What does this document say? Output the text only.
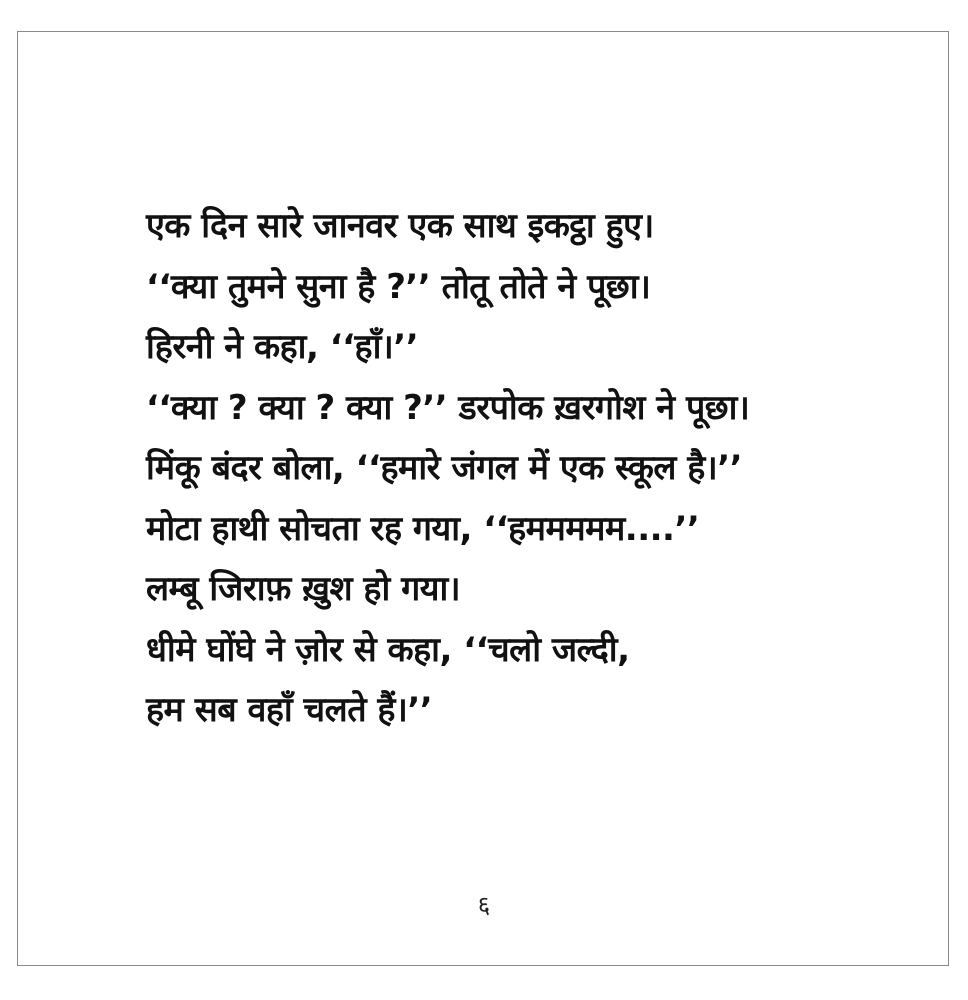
एक दिन सारे जानवर एक साथ इकट्ठा हुए।
‘‘क्या तुमने सुना है ?’’ तोतू तोते ने पूछा।
हिरनी ने कहा, ‘‘हाँ।’’
‘‘क्या ? क्या ? क्या ?’’ डरपोक ख़रगोश ने पूछा।
मिंकू बंदर बोला, ‘‘हमारे जंगल में एक स्कूल है।’’
मोटा हाथी सोचता रह गया, ‘‘हममममम....’’
लम्बू जिराफ़ ख़ुश हो गया।
धीमे घोंघे ने ज़ोर से कहा, ‘‘चलो जल्दी,
हम सब वहाँ चलते हैं।’’
६
